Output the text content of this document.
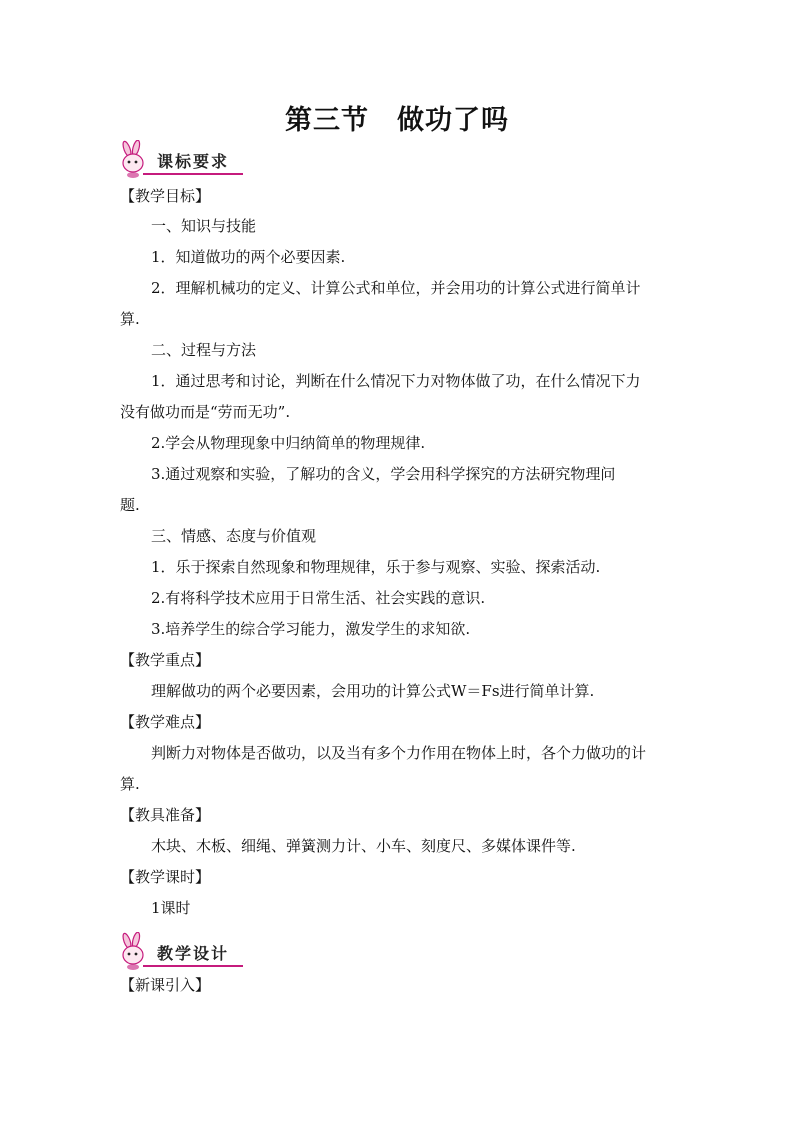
第三节 做功了吗
课标要求
【教学目标】
一、知识与技能
1．知道做功的两个必要因素.
2．理解机械功的定义、计算公式和单位，并会用功的计算公式进行简单计
算.
二、过程与方法
1．通过思考和讨论，判断在什么情况下力对物体做了功，在什么情况下力
没有做功而是“劳而无功”.
2.学会从物理现象中归纳简单的物理规律.
3.通过观察和实验，了解功的含义，学会用科学探究的方法研究物理问
题.
三、情感、态度与价值观
1．乐于探索自然现象和物理规律，乐于参与观察、实验、探索活动.
2.有将科学技术应用于日常生活、社会实践的意识.
3.培养学生的综合学习能力，激发学生的求知欲.
【教学重点】
理解做功的两个必要因素，会用功的计算公式W＝Fs进行简单计算.
【教学难点】
判断力对物体是否做功，以及当有多个力作用在物体上时，各个力做功的计
算.
【教具准备】
木块、木板、细绳、弹簧测力计、小车、刻度尺、多媒体课件等.
【教学课时】
1课时
教学设计
【新课引入】
